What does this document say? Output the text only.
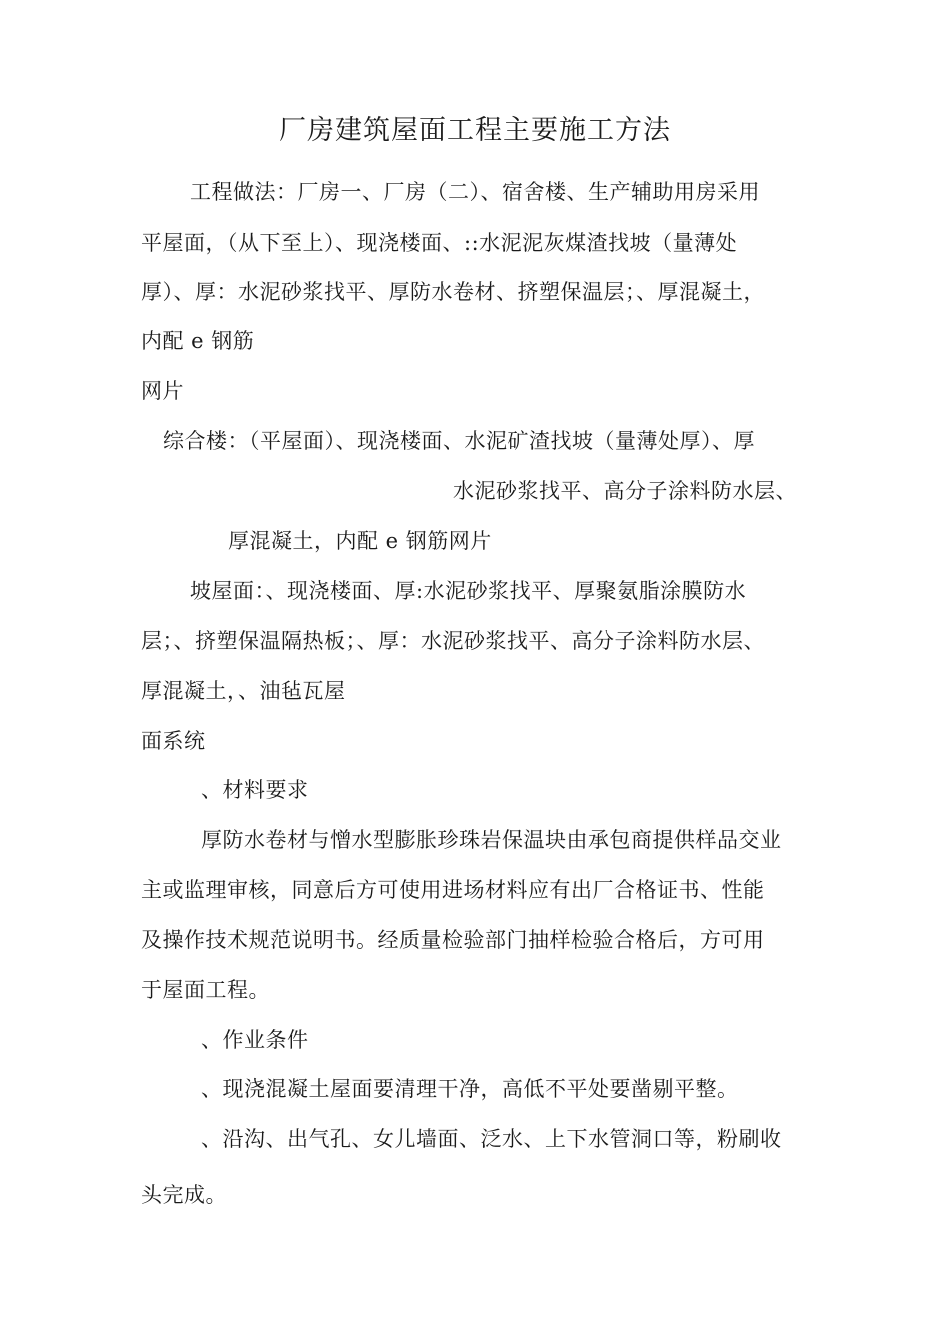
厂房建筑屋面工程主要施工方法
工程做法：厂房一、厂房（二）、宿舍楼、生产辅助用房采用
平屋面，（从下至上）、现浇楼面、::水泥泥灰煤渣找坡（量薄处
厚）、厚：水泥砂浆找平、厚防水卷材、挤塑保温层；、厚混凝土，
内配 e 钢筋
网片
综合楼：（平屋面）、现浇楼面、水泥矿渣找坡（量薄处厚）、厚
水泥砂浆找平、高分子涂料防水层、
厚混凝土，内配 e 钢筋网片
坡屋面：、现浇楼面、厚:水泥砂浆找平、厚聚氨脂涂膜防水
层；、挤塑保温隔热板；、厚：水泥砂浆找平、高分子涂料防水层、
厚混凝土，、油毡瓦屋
面系统
、材料要求
厚防水卷材与憎水型膨胀珍珠岩保温块由承包商提供样品交业
主或监理审核，同意后方可使用进场材料应有出厂合格证书、性能
及操作技术规范说明书。经质量检验部门抽样检验合格后，方可用
于屋面工程。
、作业条件
、现浇混凝土屋面要清理干净，高低不平处要凿剔平整。
、沿沟、出气孔、女儿墙面、泛水、上下水管洞口等，粉刷收
头完成。
